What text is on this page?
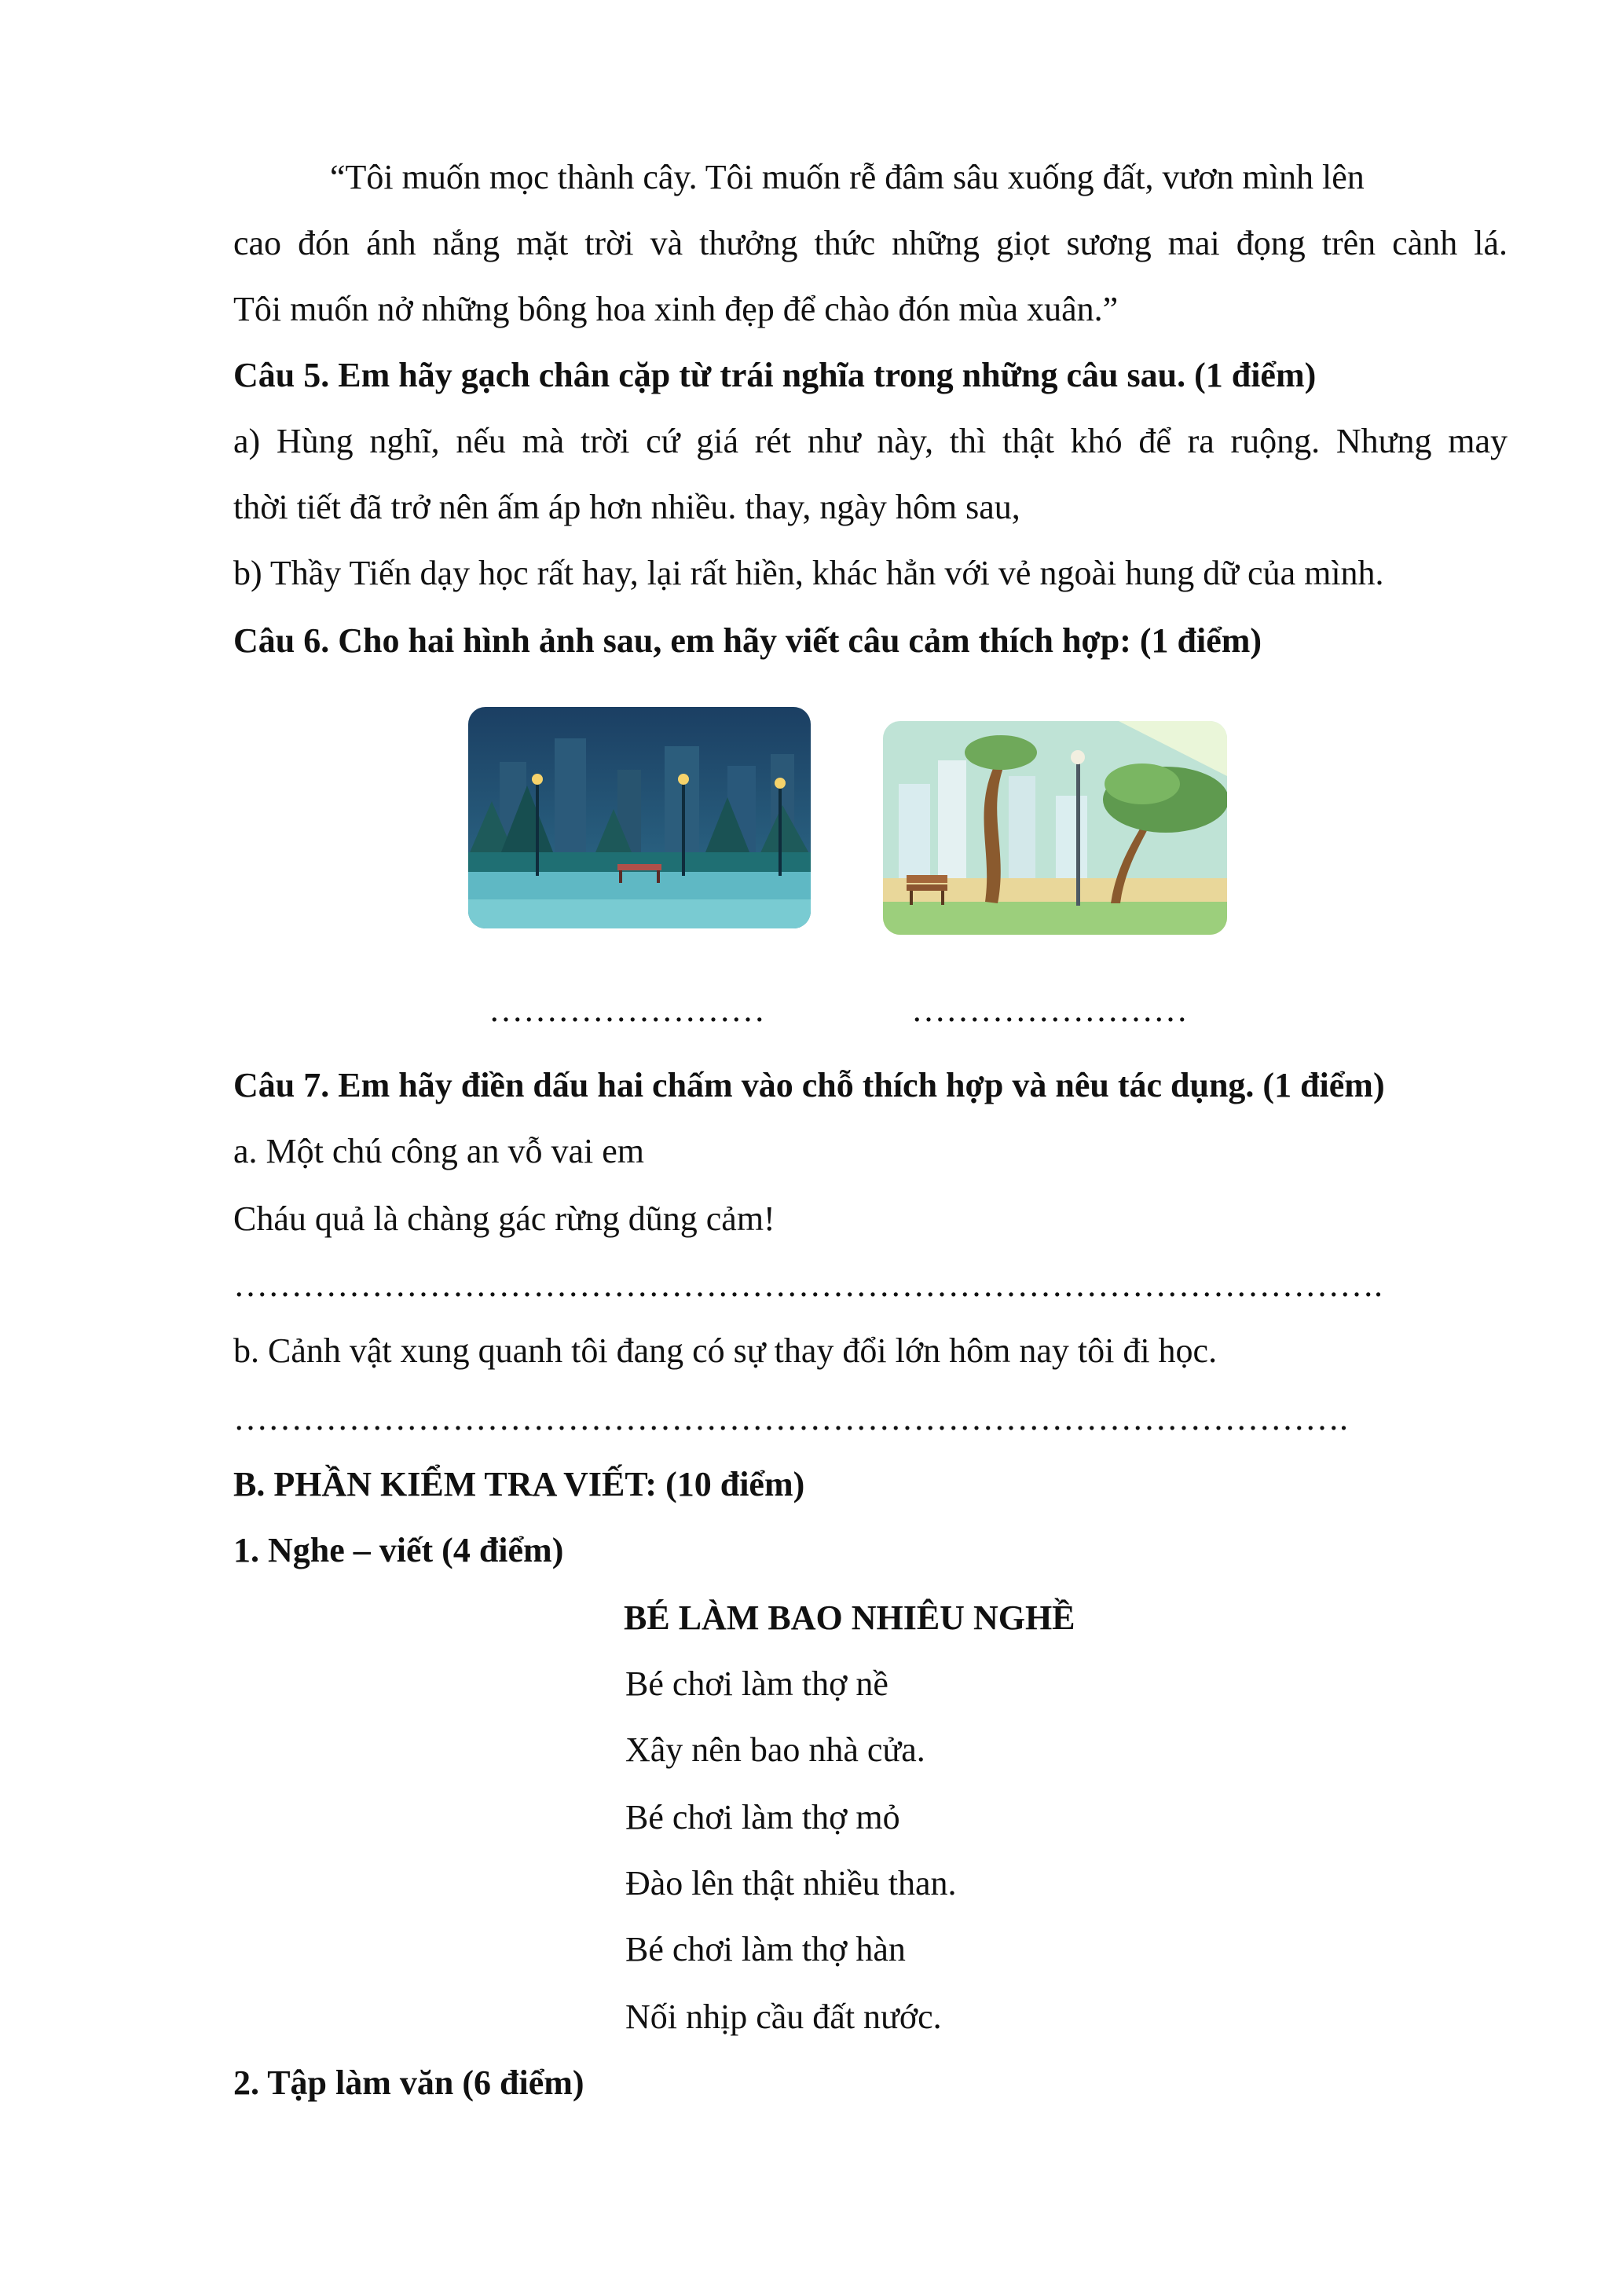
“Tôi muốn mọc thành cây. Tôi muốn rễ đâm sâu xuống đất, vươn mình lên
cao đón ánh nắng mặt trời và thưởng thức những giọt sương mai đọng trên cành lá.
Tôi muốn nở những bông hoa xinh đẹp để chào đón mùa xuân.”
Câu 5. Em hãy gạch chân cặp từ trái nghĩa trong những câu sau. (1 điểm)
a) Hùng nghĩ, nếu mà trời cứ giá rét như này, thì thật khó để ra ruộng. Nhưng may
thời tiết đã trở nên ấm áp hơn nhiều. thay, ngày hôm sau,
b) Thầy Tiến dạy học rất hay, lại rất hiền, khác hẳn với vẻ ngoài hung dữ của mình.
Câu 6. Cho hai hình ảnh sau, em hãy viết câu cảm thích hợp: (1 điểm)
……………………	……………………
Câu 7. Em hãy điền dấu hai chấm vào chỗ thích hợp và nêu tác dụng. (1 điểm)
a. Một chú công an vỗ vai em
Cháu quả là chàng gác rừng dũng cảm!
……………………………………………………………………………………….
b. Cảnh vật xung quanh tôi đang có sự thay đổi lớn hôm nay tôi đi học.
…………………………………………………………………………………….
B. PHẦN KIỂM TRA VIẾT: (10 điểm)
1. Nghe – viết (4 điểm)
BÉ LÀM BAO NHIÊU NGHỀ
Bé chơi làm thợ nề
Xây nên bao nhà cửa.
Bé chơi làm thợ mỏ
Đào lên thật nhiều than.
Bé chơi làm thợ hàn
Nối nhịp cầu đất nước.
2. Tập làm văn (6 điểm)
